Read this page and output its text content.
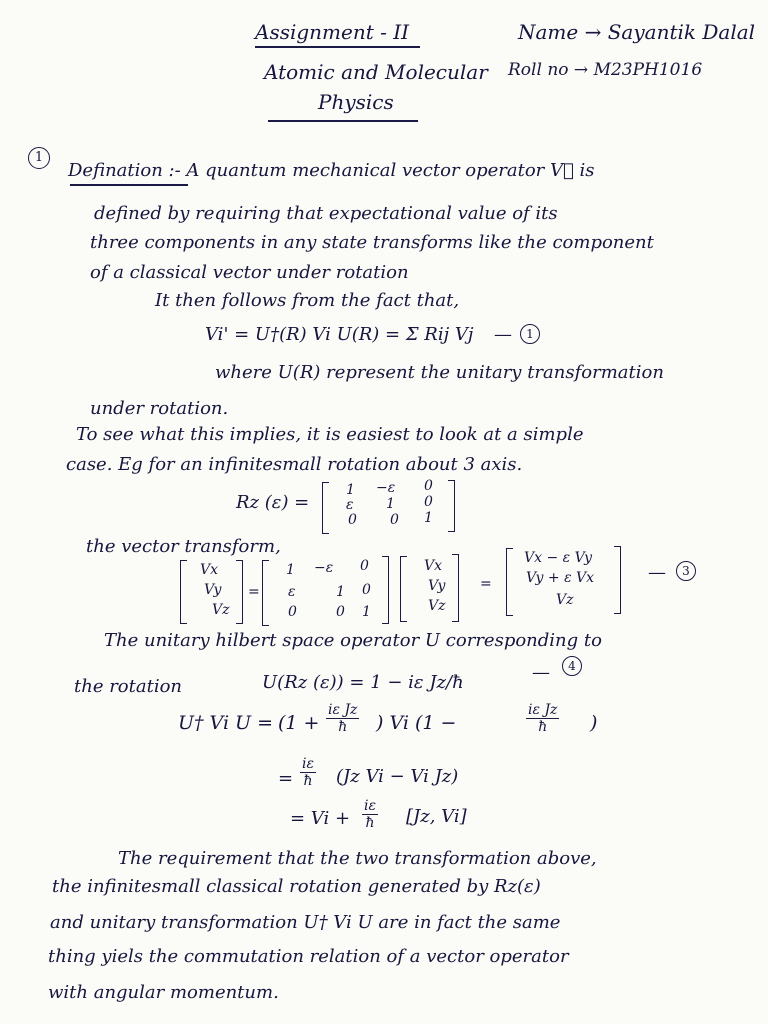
Assignment - II	Name → Sayantik Dalal
Atomic and Molecular Roll no → M23PH1016
Physics
1
Defination :- A quantum mechanical vector operator V⃗ is
defined by requiring that expectational value of its
three components in any state transforms like the component
of a classical vector under rotation
It then follows from the fact that,
Vi' = U†(R) Vi U(R) = Σ Rij Vj —	1
where U(R) represent the unitary transformation
under rotation.
To see what this implies, it is easiest to look at a simple
case. Eg for an infinitesmall rotation about 3 axis.
Rz (ε) =
1 −ε 0
ε 1 0
0 0 1
the vector transform,
Vx
Vy
Vz
=
1 −ε 0
ε	1 0
0	0 1
Vx
Vy
Vz
=
Vx − ε Vy
Vy + ε Vx
Vz
—	3
The unitary hilbert space operator U corresponding to
the rotation	U(Rz (ε)) = 1 − iε Jz/ħ	—	4
U† Vi $U = (1 + \frac{\text{iε Jz}}{ħ}$ ) Vi (1 −	$\frac{\text{iε Jz}}{ħ}$ )
= $\frac{i\varepsilon}{ħ} (Jz$ Vi − Vi Jz)
= $Vi + \frac{i\varepsilon}{ħ} [Jz$, Vi]
The requirement that the two transformation above,
the infinitesmall classical rotation generated by Rz(ε)
and unitary transformation U† Vi U are in fact the same
thing yiels the commutation relation of a vector operator
with angular momentum.
